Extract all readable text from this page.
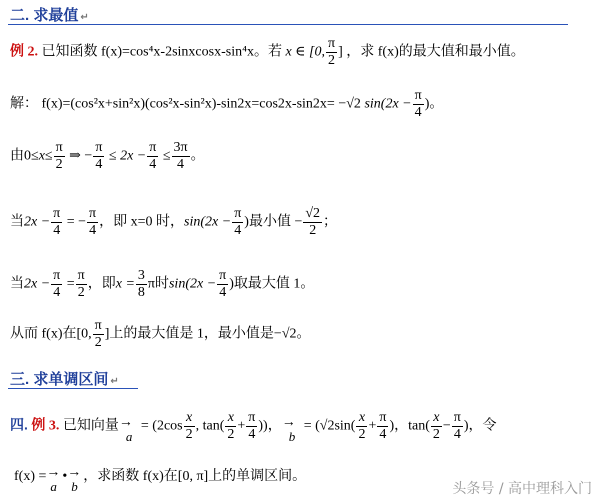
二. 求最值 ↵
例 2. 已知函数 f(x)=cos⁴x-2sinxcosx-sin⁴x。若 x ∈ [0, $\frac{\pi}{2}$ ] ，求 f(x)的最大值和最小值。
解： f(x)=(cos²x+sin²x)(cos²x-sin²x)-sin2x=cos2x-sin2x= −√2 $\sin(2x - \frac{\pi}{4}$ )。
由$0\le x\le \frac{\pi}{2}$ ⇒ − $\frac{\pi}{4} \le 2x - \frac{\pi}{4} \le \frac{3\pi}{4}$ 。
当$2x - \frac{\pi}{4}$ = − $\frac{\pi}{4}$ ，即 x=0 时，$\sin(2x - \frac{\pi}{4}$ )最小值 − $\frac{√2}{2}$ ；
当$2x - \frac{\pi}{4} = \frac{\pi}{2}$ ，即$x = \frac{3}{8}$ π时$\sin(2x - \frac{\pi}{4}$ )取最大值 1。
从而 f(x)在[0, $\frac{\pi}{2}$ ]上的最大值是 1，最小值是−√2。
三. 求单调区间 ↵
四. 例 3. 已知向量 →
a
= ($2\cos \frac{x}{2}$ , $\tan( \frac{x}{2} + \frac{\pi}{4}$ ))， →
b
= ($√2\sin( \frac{x}{2} + \frac{\pi}{4}$ )，$\tan( \frac{x}{2} - \frac{\pi}{4}$ )，令
f(x) = →
a
• →
b
，求函数 f(x)在[0, π]上的单调区间。
头条号 / 高中理科入门
